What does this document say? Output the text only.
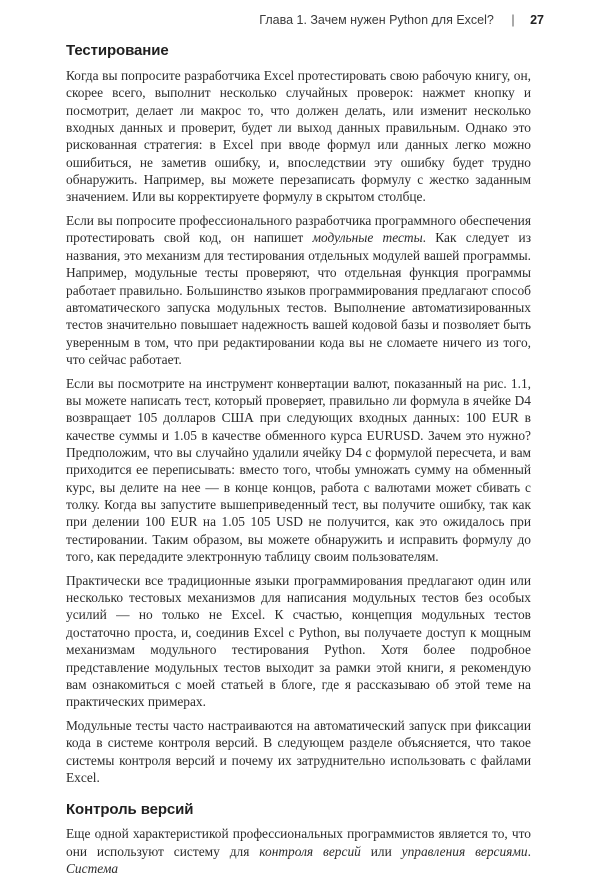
Глава 1. Зачем нужен Python для Excel? | 27
Тестирование

Когда вы попросите разработчика Excel протестировать свою рабочую книгу, он, скорее всего, выполнит несколько случайных проверок: нажмет кнопку и посмотрит, делает ли макрос то, что должен делать, или изменит несколько входных данных и проверит, будет ли выход данных правильным. Однако это рискованная стратегия: в Excel при вводе формул или данных легко можно ошибиться, не заметив ошибку, и, впоследствии эту ошибку будет трудно обнаружить. Например, вы можете перезаписать формулу с жестко заданным значением. Или вы корректируете формулу в скрытом столбце.

Если вы попросите профессионального разработчика программного обеспечения протестировать свой код, он напишет модульные тесты. Как следует из названия, это механизм для тестирования отдельных модулей вашей программы. Например, модульные тесты проверяют, что отдельная функция программы работает правильно. Большинство языков программирования предлагают способ автоматического запуска модульных тестов. Выполнение автоматизированных тестов значительно повышает надежность вашей кодовой базы и позволяет быть уверенным в том, что при редактировании кода вы не сломаете ничего из того, что сейчас работает.

Если вы посмотрите на инструмент конвертации валют, показанный на рис. 1.1, вы можете написать тест, который проверяет, правильно ли формула в ячейке D4 возвращает 105 долларов США при следующих входных данных: 100 EUR в качестве суммы и 1.05 в качестве обменного курса EURUSD. Зачем это нужно? Предположим, что вы случайно удалили ячейку D4 с формулой пересчета, и вам приходится ее переписывать: вместо того, чтобы умножать сумму на обменный курс, вы делите на нее — в конце концов, работа с валютами может сбивать с толку. Когда вы запустите вышеприведенный тест, вы получите ошибку, так как при делении 100 EUR на 1.05 105 USD не получится, как это ожидалось при тестировании. Таким образом, вы можете обнаружить и исправить формулу до того, как передадите электронную таблицу своим пользователям.

Практически все традиционные языки программирования предлагают один или несколько тестовых механизмов для написания модульных тестов без особых усилий — но только не Excel. К счастью, концепция модульных тестов достаточно проста, и, соединив Excel с Python, вы получаете доступ к мощным механизмам модульного тестирования Python. Хотя более подробное представление модульных тестов выходит за рамки этой книги, я рекомендую вам ознакомиться с моей статьей в блоге, где я рассказываю об этой теме на практических примерах.

Модульные тесты часто настраиваются на автоматический запуск при фиксации кода в системе контроля версий. В следующем разделе объясняется, что такое системы контроля версий и почему их затруднительно использовать с файлами Excel.

Контроль версий

Еще одной характеристикой профессиональных программистов является то, что они используют систему для контроля версий или управления версиями. Система
